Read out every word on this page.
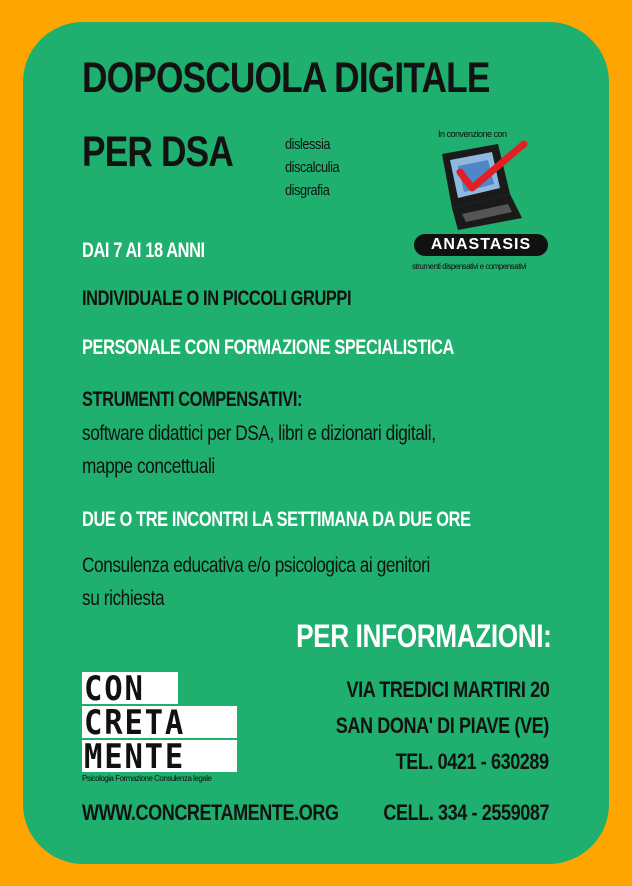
DOPOSCUOLA DIGITALE
PER DSA	dislessia
discalculia
disgrafia
In convenzione con
ANASTASIS
strumenti dispensativi e compensativi
DAI 7 AI 18 ANNI
INDIVIDUALE O IN PICCOLI GRUPPI
PERSONALE CON FORMAZIONE SPECIALISTICA
STRUMENTI COMPENSATIVI:
software didattici per DSA, libri e dizionari digitali,
mappe concettuali
DUE O TRE INCONTRI LA SETTIMANA DA DUE ORE
Consulenza educativa e/o psicologica ai genitori
su richiesta
PER INFORMAZIONI:
VIA TREDICI MARTIRI 20
SAN DONA' DI PIAVE (VE)
TEL. 0421 - 630289
CELL. 334 - 2559087
CON
CRETA
MENTE
Psicologia Formazione Consulenza legale
WWW.CONCRETAMENTE.ORG
